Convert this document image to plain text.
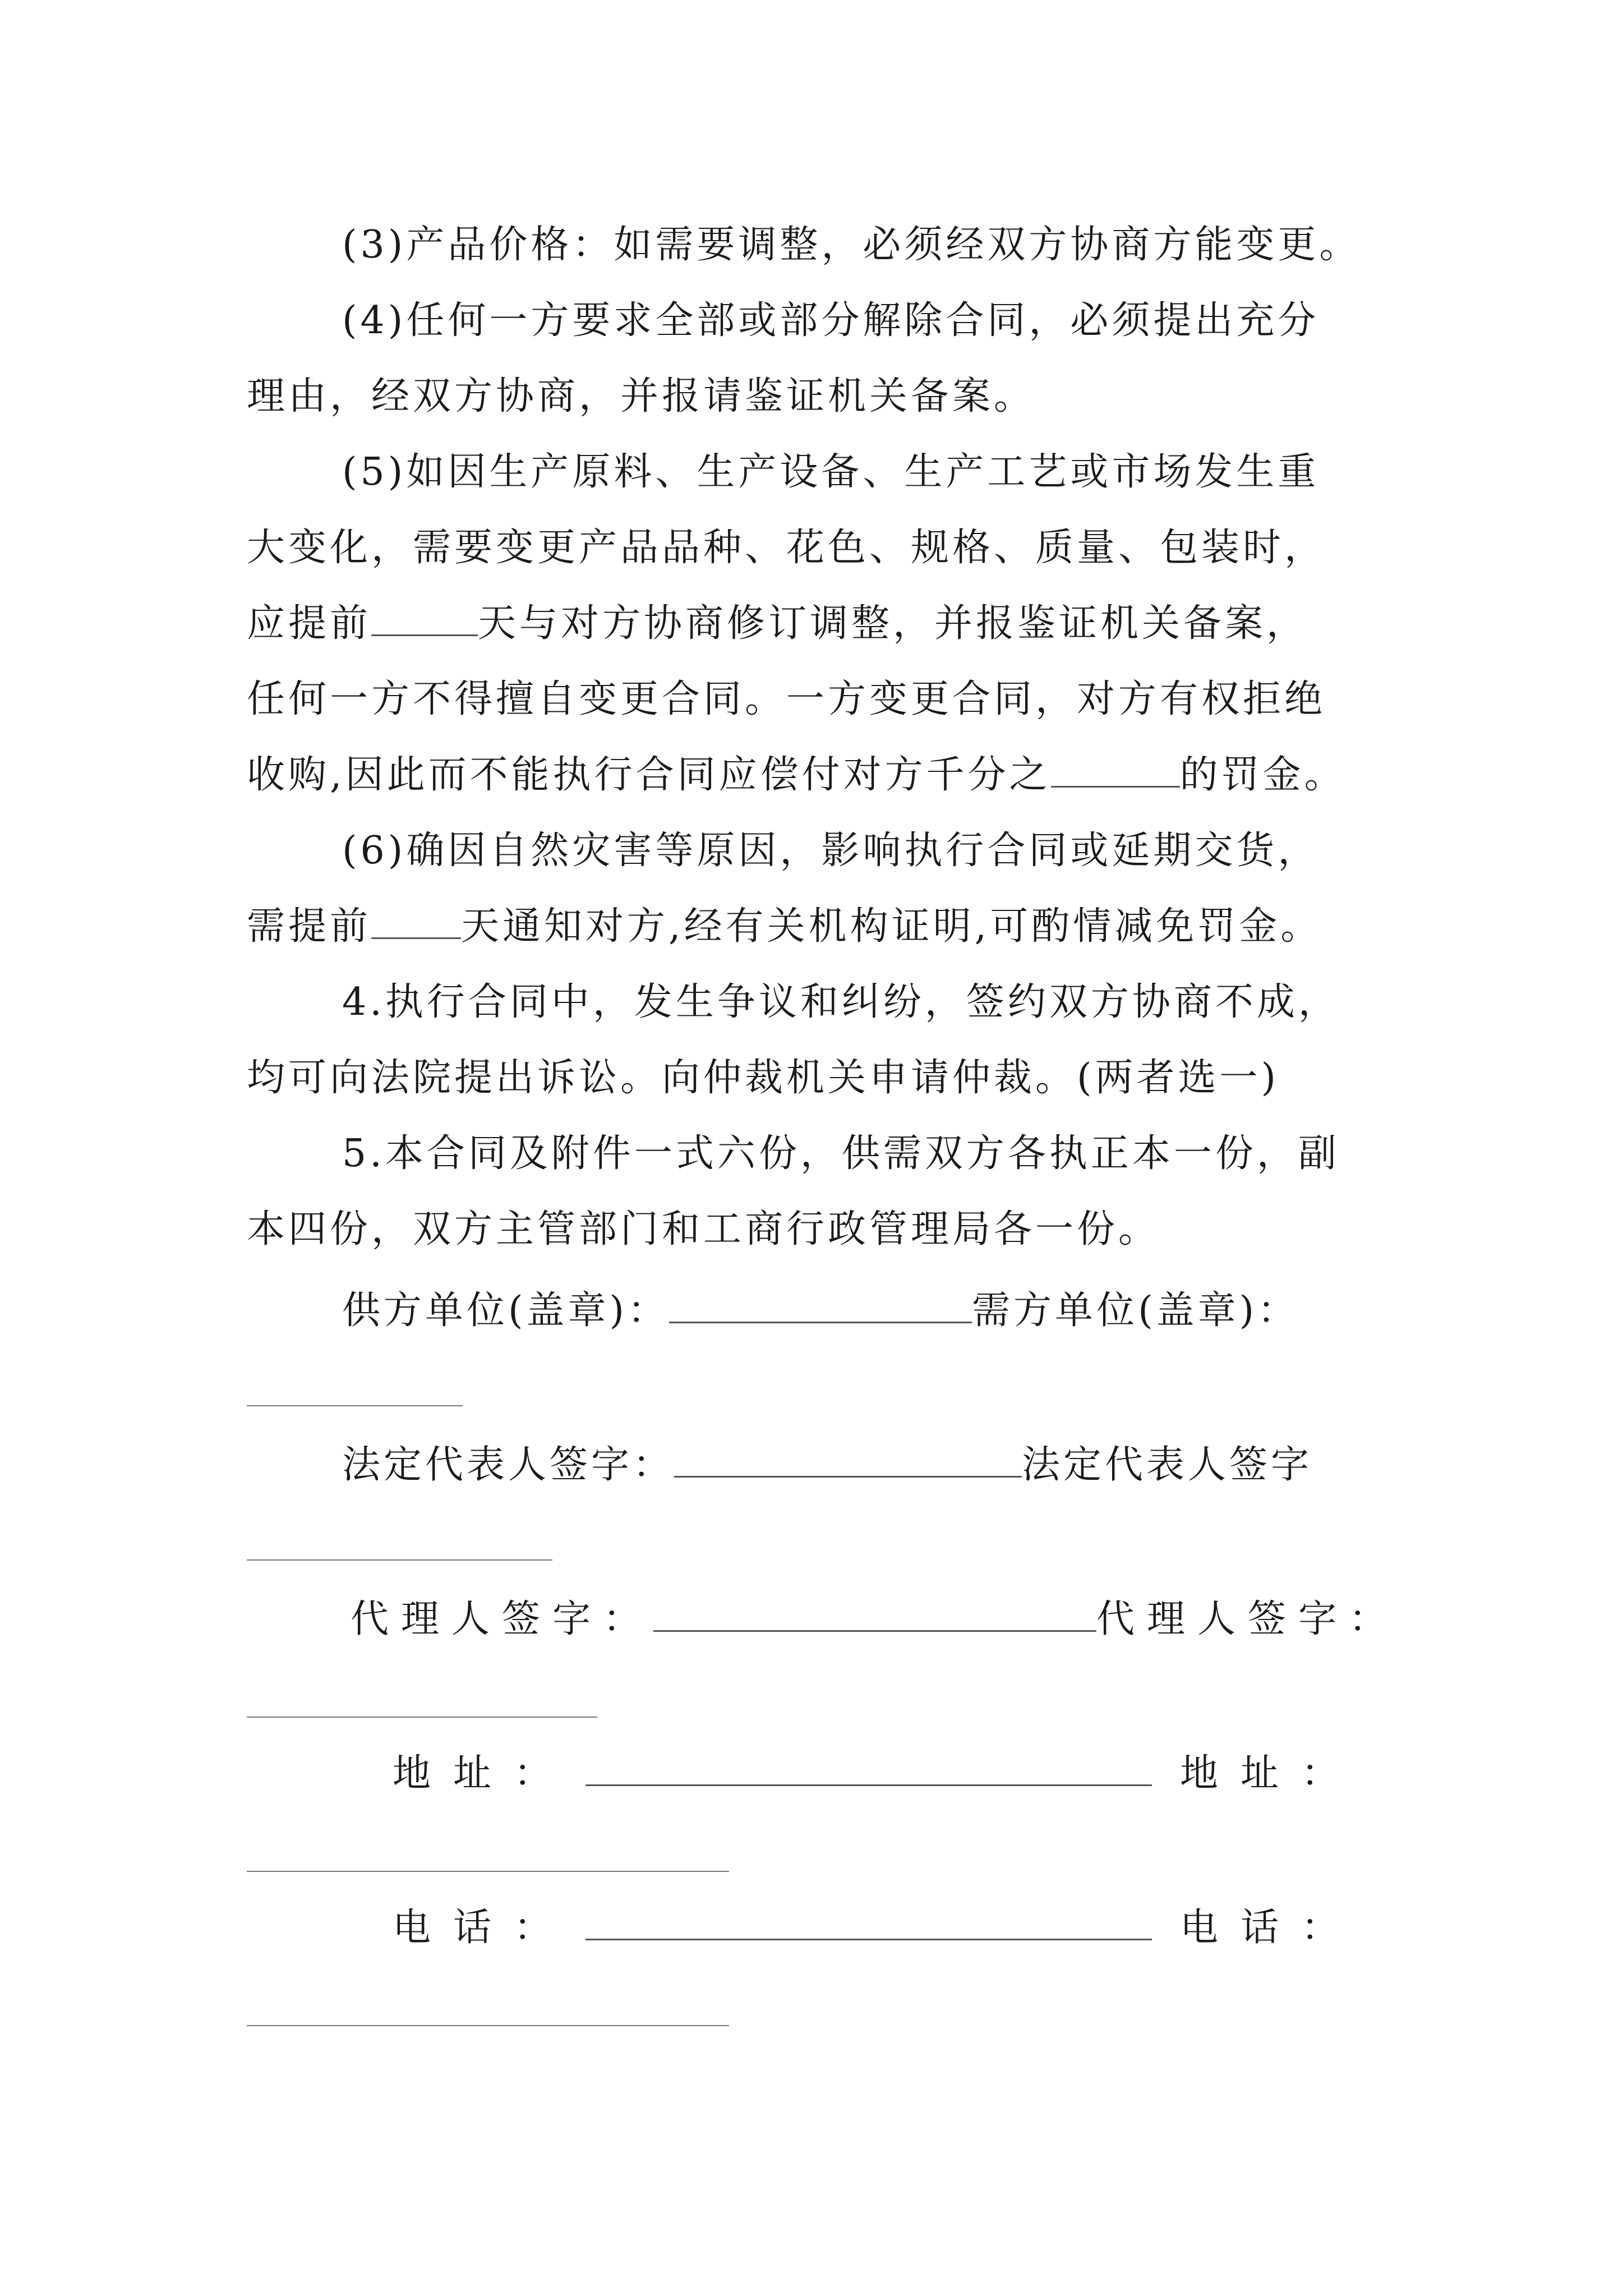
(3)产品价格：如需要调整，必须经双方协商方能变更。
(4)任何一方要求全部或部分解除合同，必须提出充分
理由，经双方协商，并报请鉴证机关备案。
(5)如因生产原料、生产设备、生产工艺或市场发生重
大变化，需要变更产品品种、花色、规格、质量、包装时，
应提前	天与对方协商修订调整，并报鉴证机关备案，
任何一方不得擅自变更合同。一方变更合同，对方有权拒绝
收购,因此而不能执行合同应偿付对方千分之	的罚金。
(6)确因自然灾害等原因，影响执行合同或延期交货，
需提前 天通知对方,经有关机构证明,可酌情减免罚金。
4.执行合同中，发生争议和纠纷，签约双方协商不成，
均可向法院提出诉讼。向仲裁机关申请仲裁。(两者选一)
5.本合同及附件一式六份，供需双方各执正本一份，副
本四份，双方主管部门和工商行政管理局各一份。
供方单位(盖章)：	需方单位(盖章)：
法定代表人签字：	法定代表人签字
代理人签字：	代理人签字：
地址：	地址：
电话：	电话：
